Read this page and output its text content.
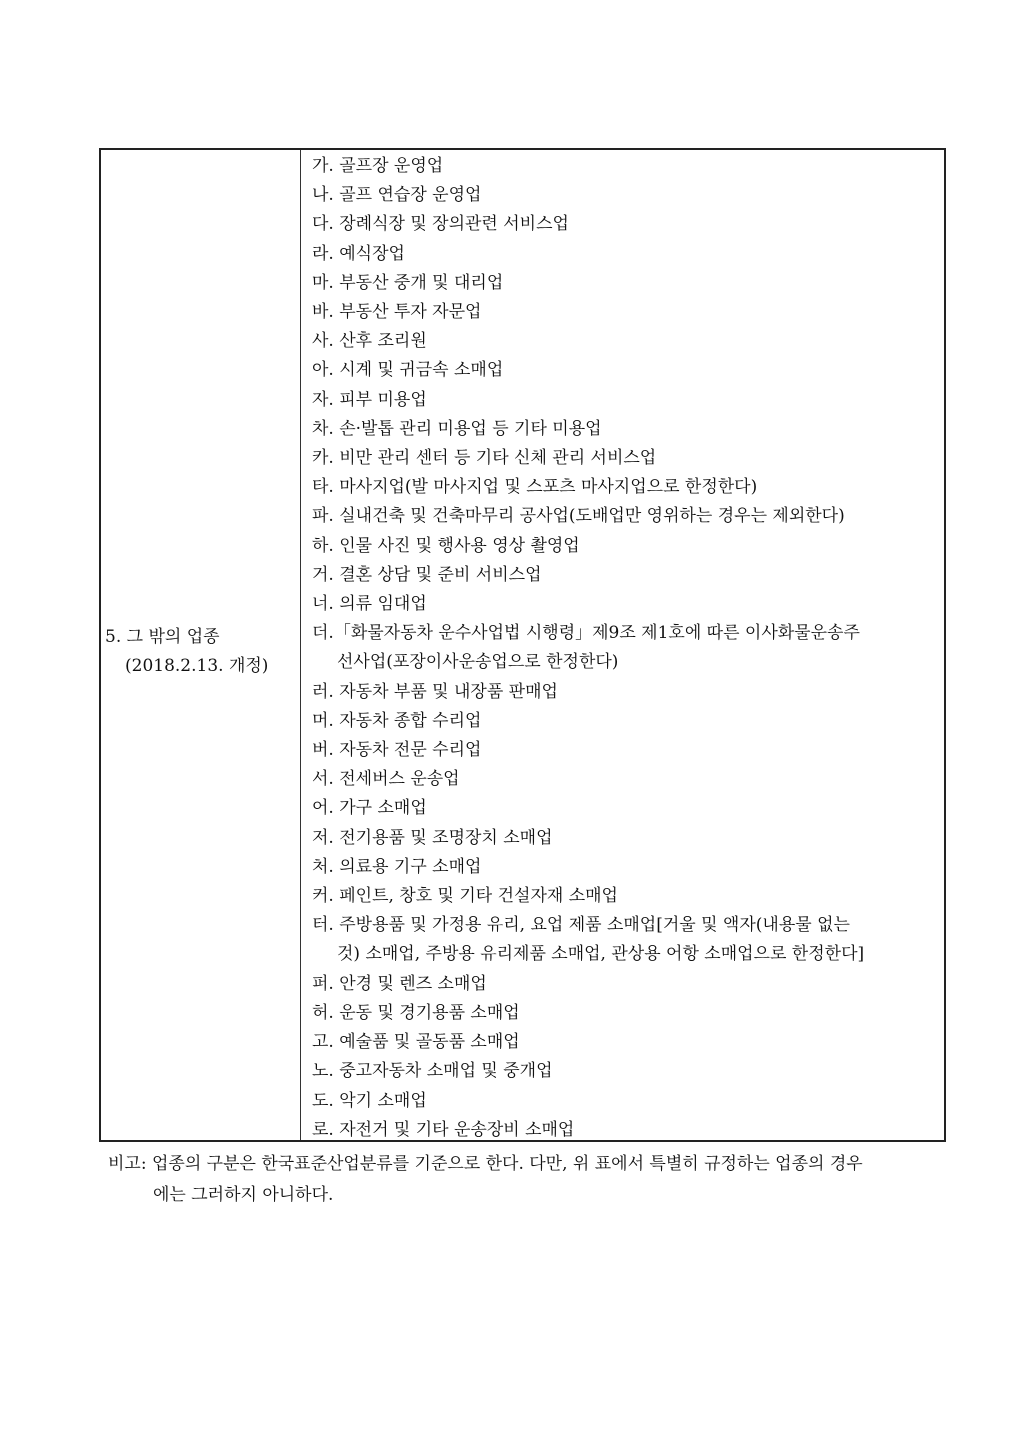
5. 그 밖의 업종
(2018.2.13. 개정)
가. 골프장 운영업
나. 골프 연습장 운영업
다. 장례식장 및 장의관련 서비스업
라. 예식장업
마. 부동산 중개 및 대리업
바. 부동산 투자 자문업
사. 산후 조리원
아. 시계 및 귀금속 소매업
자. 피부 미용업
차. 손·발톱 관리 미용업 등 기타 미용업
카. 비만 관리 센터 등 기타 신체 관리 서비스업
타. 마사지업(발 마사지업 및 스포츠 마사지업으로 한정한다)
파. 실내건축 및 건축마무리 공사업(도배업만 영위하는 경우는 제외한다)
하. 인물 사진 및 행사용 영상 촬영업
거. 결혼 상담 및 준비 서비스업
너. 의류 임대업
더.「화물자동차 운수사업법 시행령」제9조 제1호에 따른 이사화물운송주
선사업(포장이사운송업으로 한정한다)
러. 자동차 부품 및 내장품 판매업
머. 자동차 종합 수리업
버. 자동차 전문 수리업
서. 전세버스 운송업
어. 가구 소매업
저. 전기용품 및 조명장치 소매업
처. 의료용 기구 소매업
커. 페인트, 창호 및 기타 건설자재 소매업
터. 주방용품 및 가정용 유리, 요업 제품 소매업[거울 및 액자(내용물 없는
것) 소매업, 주방용 유리제품 소매업, 관상용 어항 소매업으로 한정한다]
퍼. 안경 및 렌즈 소매업
허. 운동 및 경기용품 소매업
고. 예술품 및 골동품 소매업
노. 중고자동차 소매업 및 중개업
도. 악기 소매업
로. 자전거 및 기타 운송장비 소매업
비고: 업종의 구분은 한국표준산업분류를 기준으로 한다. 다만, 위 표에서 특별히 규정하는 업종의 경우
에는 그러하지 아니하다.
